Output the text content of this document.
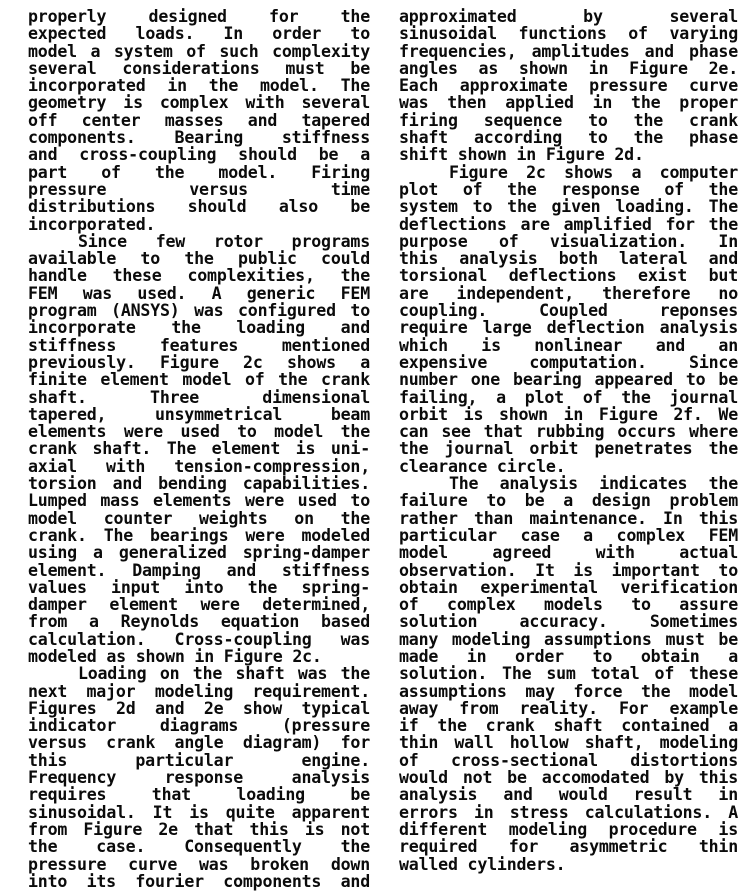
properly designed for the
expected loads. In order to
model a system of such complexity
several considerations must be
incorporated in the model. The
geometry is complex with several
off center masses and tapered
components. Bearing stiffness
and cross-coupling should be a
part of the model. Firing
pressure versus time
distributions should also be
incorporated.
Since few rotor programs
available to the public could
handle these complexities, the
FEM was used. A generic FEM
program (ANSYS) was configured to
incorporate the loading and
stiffness features mentioned
previously. Figure 2c shows a
finite element model of the crank
shaft. Three dimensional
tapered, unsymmetrical beam
elements were used to model the
crank shaft. The element is uni-
axial with tension-compression,
torsion and bending capabilities.
Lumped mass elements were used to
model counter weights on the
crank. The bearings were modeled
using a generalized spring-damper
element. Damping and stiffness
values input into the spring-
damper element were determined,
from a Reynolds equation based
calculation. Cross-coupling was
modeled as shown in Figure 2c.
Loading on the shaft was the
next major modeling requirement.
Figures 2d and 2e show typical
indicator diagrams (pressure
versus crank angle diagram) for
this particular engine.
Frequency response analysis
requires that loading be
sinusoidal. It is quite apparent
from Figure 2e that this is not
the case. Consequently the
pressure curve was broken down
into its fourier components and
approximated by several
sinusoidal functions of varying
frequencies, amplitudes and phase
angles as shown in Figure 2e.
Each approximate pressure curve
was then applied in the proper
firing sequence to the crank
shaft according to the phase
shift shown in Figure 2d.
Figure 2c shows a computer
plot of the response of the
system to the given loading. The
deflections are amplified for the
purpose of visualization. In
this analysis both lateral and
torsional deflections exist but
are independent, therefore no
coupling. Coupled reponses
require large deflection analysis
which is nonlinear and an
expensive computation. Since
number one bearing appeared to be
failing, a plot of the journal
orbit is shown in Figure 2f. We
can see that rubbing occurs where
the journal orbit penetrates the
clearance circle.
The analysis indicates the
failure to be a design problem
rather than maintenance. In this
particular case a complex FEM
model agreed with actual
observation. It is important to
obtain experimental verification
of complex models to assure
solution accuracy. Sometimes
many modeling assumptions must be
made in order to obtain a
solution. The sum total of these
assumptions may force the model
away from reality. For example
if the crank shaft contained a
thin wall hollow shaft, modeling
of cross-sectional distortions
would not be accomodated by this
analysis and would result in
errors in stress calculations. A
different modeling procedure is
required for asymmetric thin
walled cylinders.
